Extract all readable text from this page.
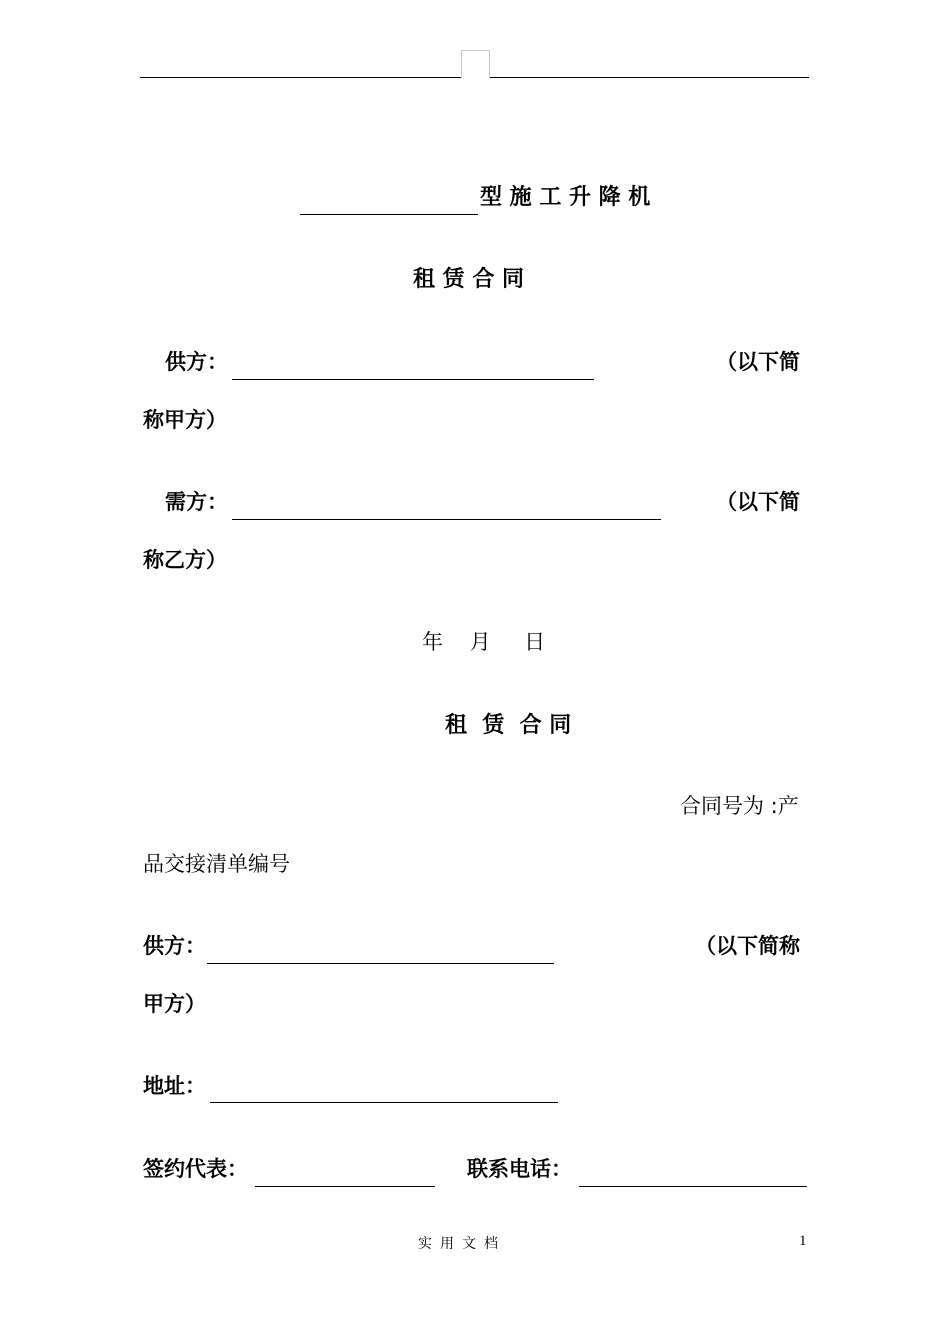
型 施 工 升 降 机
租 赁 合 同
供方：	（以下简
称甲方）
需方：	（以下简
称乙方）
年    月     日
租  赁  合 同
合同号为 :产
品交接清单编号
供方：	（以下简称
甲方）
地址：
签约代表：	联系电话：
实用文档	1
